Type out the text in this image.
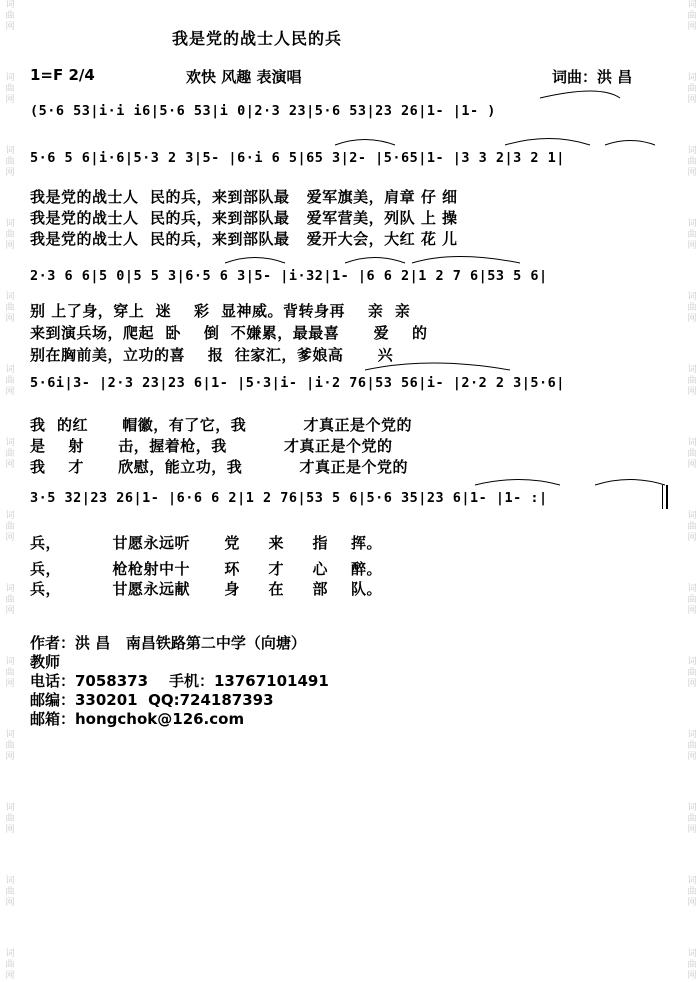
词
曲
网
词
曲
网
词
曲
网
词
曲
网
词
曲
网
词
曲
网
词
曲
网
词
曲
网
词
曲
网
词
曲
网
词
曲
网
词
曲
网
词
曲
网
词
曲
网
词
曲
网
词
曲
网
词
曲
网
词
曲
网
词
曲
网
词
曲
网
词
曲
网
词
曲
网
词
曲
网
词
曲
网
词
曲
网
词
曲
网
词
曲
网
词
曲
网
我是党的战士人民的兵
1=F 2/4	欢快 风趣 表演唱	词曲：洪 昌
(5·6 53|i·i i6|5·6 53|i 0|2·3 23|5·6 53|23 26|1- |1- )
5·6 5 6|i·6|5·3 2 3|5- |6·i 6 5|65 3|2- |5·65|1- |3 3 2|3 2 1|
2·3 6 6|5 0|5 5 3|6·5 6 3|5- |i·32|1- |6 6 2|1 2 7 6|53 5 6|
5·6i|3- |2·3 23|23 6|1- |5·3|i- |i·2 76|53 56|i- |2·2 2 3|5·6|
3·5 32|23 26|1- |6·6 6 2|1 2 76|53 5 6|5·6 35|23 6|1- |1- :|
我是党的战士人  民的兵，来到部队最   爱军旗美，肩章 仔 细
我是党的战士人  民的兵，来到部队最   爱军营美，列队 上 操
我是党的战士人  民的兵，来到部队最   爱开大会，大红 花 儿
别 上了身，穿上  迷    彩  显神威。背转身再    亲  亲
来到演兵场，爬起  卧    倒  不嫌累，最最喜      爱    的
别在胸前美，立功的喜    报  往家汇，爹娘高      兴
我  的红      帽徽，有了它，我          才真正是个党的
是    射      击，握着枪，我          才真正是个党的
我    才      欣慰，能立功，我          才真正是个党的
兵，         甘愿永远听      党     来     指    挥。
兵，         枪枪射中十      环     才     心    醉。
兵，         甘愿永远献      身     在     部    队。
作者：洪 昌   南昌铁路第二中学（向塘）
教师
电话：7058373    手机：13767101491
邮编：330201  QQ:724187393
邮箱：hongchok@126.com
